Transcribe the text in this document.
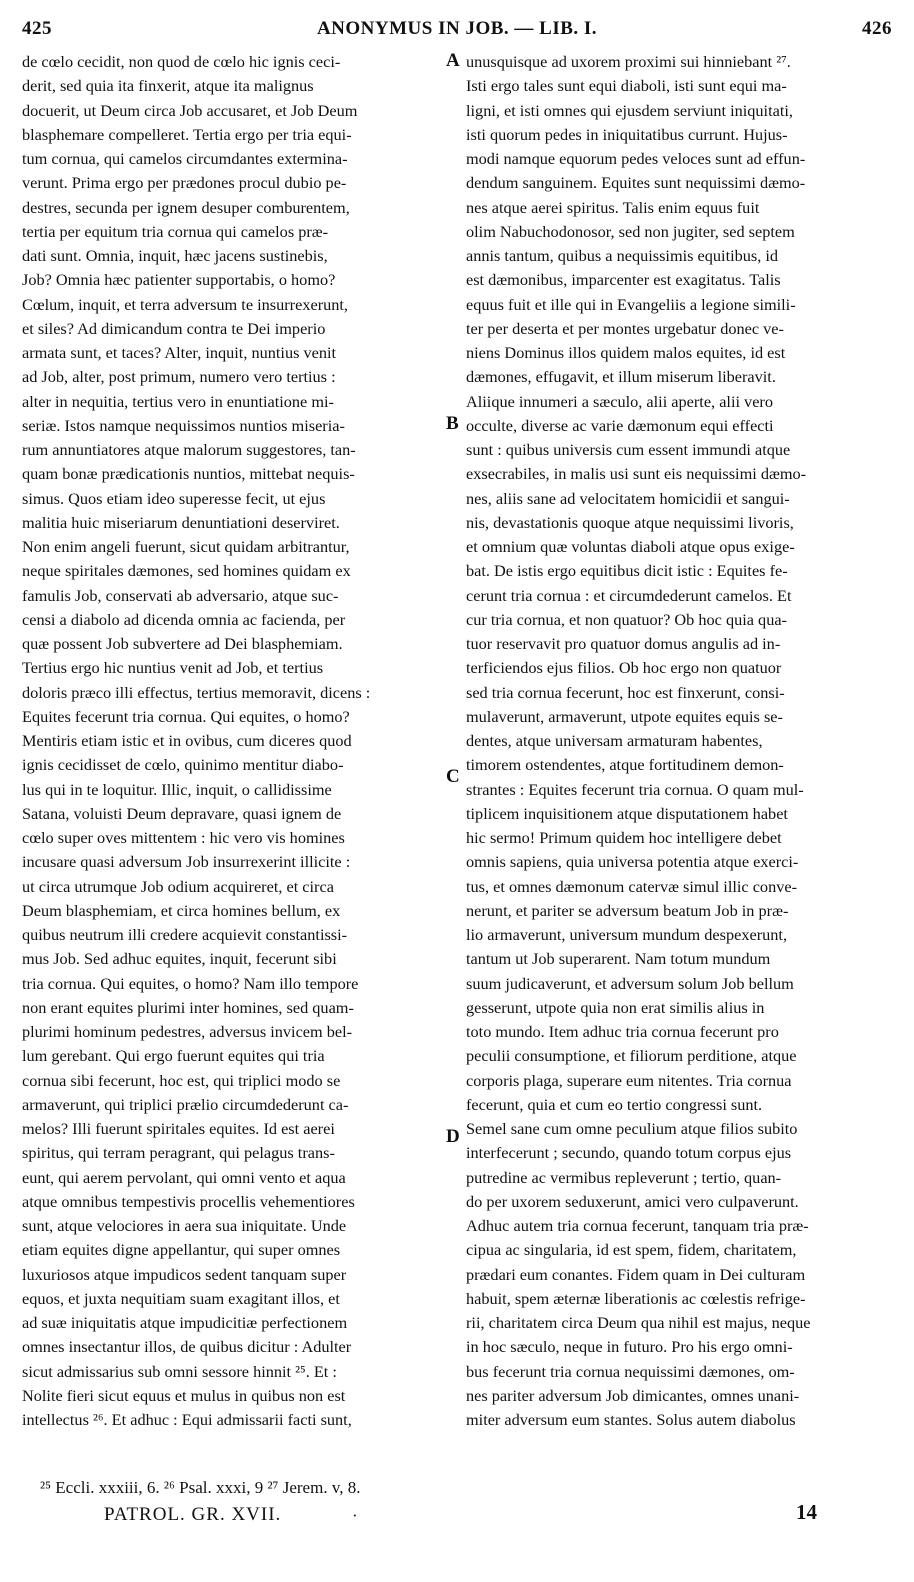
425	ANONYMUS IN JOB. — LIB. I.	426

de cœlo cecidit, non quod de cœlo hic ignis ceci-

derit, sed quia ita finxerit, atque ita malignus

docuerit, ut Deum circa Job accusaret, et Job Deum

blasphemare compelleret. Tertia ergo per tria equi-

tum cornua, qui camelos circumdantes extermina-

verunt. Prima ergo per prædones procul dubio pe-

destres, secunda per ignem desuper comburentem,

tertia per equitum tria cornua qui camelos præ-

dati sunt. Omnia, inquit, hæc jacens sustinebis,

Job? Omnia hæc patienter supportabis, o homo?

Cœlum, inquit, et terra adversum te insurrexerunt,

et siles? Ad dimicandum contra te Dei imperio

armata sunt, et taces? Alter, inquit, nuntius venit

ad Job, alter, post primum, numero vero tertius :

alter in nequitia, tertius vero in enuntiatione mi-

seriæ. Istos namque nequissimos nuntios miseria-

rum annuntiatores atque malorum suggestores, tan-

quam bonæ prædicationis nuntios, mittebat nequis-

simus. Quos etiam ideo superesse fecit, ut ejus

malitia huic miseriarum denuntiationi deserviret.

Non enim angeli fuerunt, sicut quidam arbitrantur,

neque spiritales dæmones, sed homines quidam ex

famulis Job, conservati ab adversario, atque suc-

censi a diabolo ad dicenda omnia ac facienda, per

quæ possent Job subvertere ad Dei blasphemiam.

Tertius ergo hic nuntius venit ad Job, et tertius

doloris præco illi effectus, tertius memoravit, dicens :

Equites fecerunt tria cornua. Qui equites, o homo?

Mentiris etiam istic et in ovibus, cum diceres quod

ignis cecidisset de cœlo, quinimo mentitur diabo-

lus qui in te loquitur. Illic, inquit, o callidissime

Satana, voluisti Deum depravare, quasi ignem de

cœlo super oves mittentem : hic vero vis homines

incusare quasi adversum Job insurrexerint illicite :

ut circa utrumque Job odium acquireret, et circa

Deum blasphemiam, et circa homines bellum, ex

quibus neutrum illi credere acquievit constantissi-

mus Job. Sed adhuc equites, inquit, fecerunt sibi

tria cornua. Qui equites, o homo? Nam illo tempore

non erant equites plurimi inter homines, sed quam-

plurimi hominum pedestres, adversus invicem bel-

lum gerebant. Qui ergo fuerunt equites qui tria

cornua sibi fecerunt, hoc est, qui triplici modo se

armaverunt, qui triplici prælio circumdederunt ca-

melos? Illi fuerunt spiritales equites. Id est aerei

spiritus, qui terram peragrant, qui pelagus trans-

eunt, qui aerem pervolant, qui omni vento et aqua

atque omnibus tempestivis procellis vehementiores

sunt, atque velociores in aera sua iniquitate. Unde

etiam equites digne appellantur, qui super omnes

luxuriosos atque impudicos sedent tanquam super

equos, et juxta nequitiam suam exagitant illos, et

ad suæ iniquitatis atque impudicitiæ perfectionem

omnes insectantur illos, de quibus dicitur : Adulter

sicut admissarius sub omni sessore hinnit ²⁵. Et :

Nolite fieri sicut equus et mulus in quibus non est

intellectus ²⁶. Et adhuc : Equi admissarii facti sunt,

unusquisque ad uxorem proximi sui hinniebant ²⁷.

Isti ergo tales sunt equi diaboli, isti sunt equi ma-

ligni, et isti omnes qui ejusdem serviunt iniquitati,

isti quorum pedes in iniquitatibus currunt. Hujus-

modi namque equorum pedes veloces sunt ad effun-

dendum sanguinem. Equites sunt nequissimi dæmo-

nes atque aerei spiritus. Talis enim equus fuit

olim Nabuchodonosor, sed non jugiter, sed septem

annis tantum, quibus a nequissimis equitibus, id

est dæmonibus, imparcenter est exagitatus. Talis

equus fuit et ille qui in Evangeliis a legione simili-

ter per deserta et per montes urgebatur donec ve-

niens Dominus illos quidem malos equites, id est

dæmones, effugavit, et illum miserum liberavit.

Aliique innumeri a sæculo, alii aperte, alii vero

occulte, diverse ac varie dæmonum equi effecti

sunt : quibus universis cum essent immundi atque

exsecrabiles, in malis usi sunt eis nequissimi dæmo-

nes, aliis sane ad velocitatem homicidii et sangui-

nis, devastationis quoque atque nequissimi livoris,

et omnium quæ voluntas diaboli atque opus exige-

bat. De istis ergo equitibus dicit istic : Equites fe-

cerunt tria cornua : et circumdederunt camelos. Et

cur tria cornua, et non quatuor? Ob hoc quia qua-

tuor reservavit pro quatuor domus angulis ad in-

terficiendos ejus filios. Ob hoc ergo non quatuor

sed tria cornua fecerunt, hoc est finxerunt, consi-

mulaverunt, armaverunt, utpote equites equis se-

dentes, atque universam armaturam habentes,

timorem ostendentes, atque fortitudinem demon-

strantes : Equites fecerunt tria cornua. O quam mul-

tiplicem inquisitionem atque disputationem habet

hic sermo! Primum quidem hoc intelligere debet

omnis sapiens, quia universa potentia atque exerci-

tus, et omnes dæmonum catervæ simul illic conve-

nerunt, et pariter se adversum beatum Job in præ-

lio armaverunt, universum mundum despexerunt,

tantum ut Job superarent. Nam totum mundum

suum judicaverunt, et adversum solum Job bellum

gesserunt, utpote quia non erat similis alius in

toto mundo. Item adhuc tria cornua fecerunt pro

peculii consumptione, et filiorum perditione, atque

corporis plaga, superare eum nitentes. Tria cornua

fecerunt, quia et cum eo tertio congressi sunt.

Semel sane cum omne peculium atque filios subito

interfecerunt ; secundo, quando totum corpus ejus

putredine ac vermibus repleverunt ; tertio, quan-

do per uxorem seduxerunt, amici vero culpaverunt.

Adhuc autem tria cornua fecerunt, tanquam tria præ-

cipua ac singularia, id est spem, fidem, charitatem,

prædari eum conantes. Fidem quam in Dei culturam

habuit, spem æternæ liberationis ac cœlestis refrige-

rii, charitatem circa Deum qua nihil est majus, neque

in hoc sæculo, neque in futuro. Pro his ergo omni-

bus fecerunt tria cornua nequissimi dæmones, om-

nes pariter adversum Job dimicantes, omnes unani-

miter adversum eum stantes. Solus autem diabolus

A
B
C
D
²⁵ Eccli. xxxiii, 6. ²⁶ Psal. xxxi, 9 ²⁷ Jerem. v, 8.
PATROL. GR. XVII.	·	14
